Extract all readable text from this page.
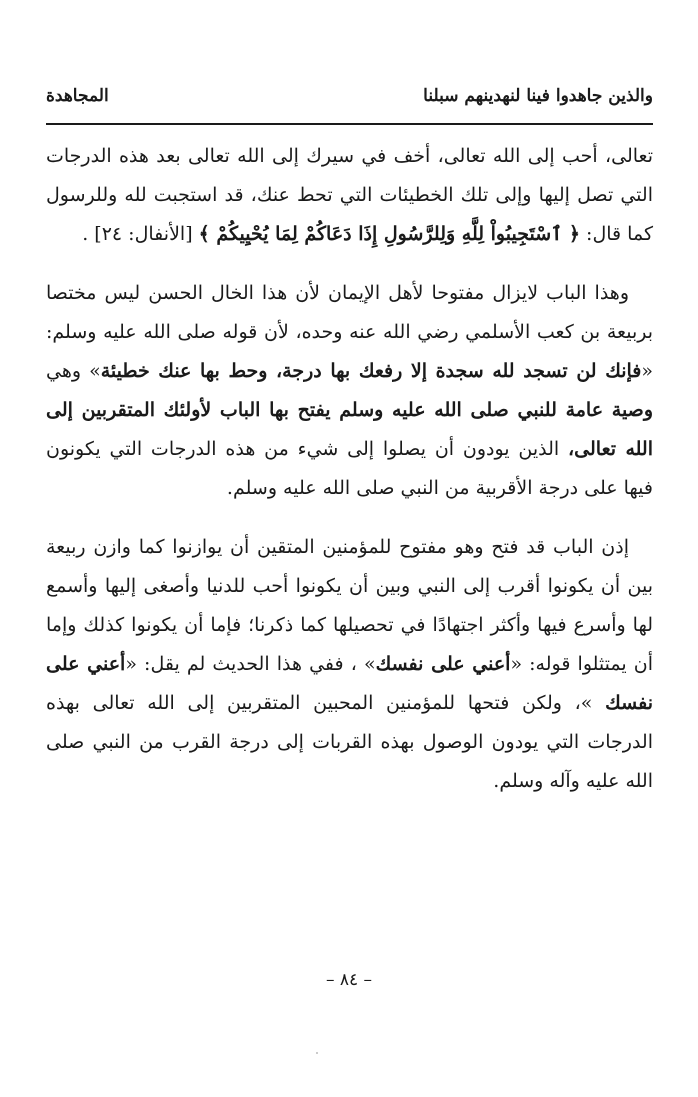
والذين جاهدوا فينا لنهدينهم سبلنا
المجاهدة

تعالى، أحب إلى الله تعالى، أخف في سيرك إلى الله تعالى بعد هذه الدرجات التي تصل إليها وإلى تلك الخطيئات التي تحط عنك، قد استجبت لله وللرسول كما قال: ﴿ ٱسْتَجِيبُواْ لِلَّهِ وَلِلرَّسُولِ إِذَا دَعَاكُمْ لِمَا يُحْيِيكُمْ ﴾ [الأنفال: ٢٤] .

وهذا الباب لايزال مفتوحا لأهل الإيمان لأن هذا الخال الحسن ليس مختصا بربيعة بن كعب الأسلمي رضي الله عنه وحده، لأن قوله صلى الله عليه وسلم: «فإنك لن تسجد لله سجدة إلا رفعك بها درجة، وحط بها عنك خطيئة» وهي وصية عامة للنبي صلى الله عليه وسلم يفتح بها الباب لأولئك المتقربين إلى الله تعالى، الذين يودون أن يصلوا إلى شيء من هذه الدرجات التي يكونون فيها على درجة الأقربية من النبي صلى الله عليه وسلم.

إذن الباب قد فتح وهو مفتوح للمؤمنين المتقين أن يوازنوا كما وازن ربيعة بين أن يكونوا أقرب إلى النبي وبين أن يكونوا أحب للدنيا وأصغى إليها وأسمع لها وأسرع فيها وأكثر اجتهادًا في تحصيلها كما ذكرنا؛ فإما أن يكونوا كذلك وإما أن يمتثلوا قوله: «أعني على نفسك» ، ففي هذا الحديث لم يقل: «أعني على نفسك »، ولكن فتحها للمؤمنين المحبين المتقربين إلى الله تعالى بهذه الدرجات التي يودون الوصول بهذه القربات إلى درجة القرب من النبي صلى الله عليه وآله وسلم.

– ٨٤ –
